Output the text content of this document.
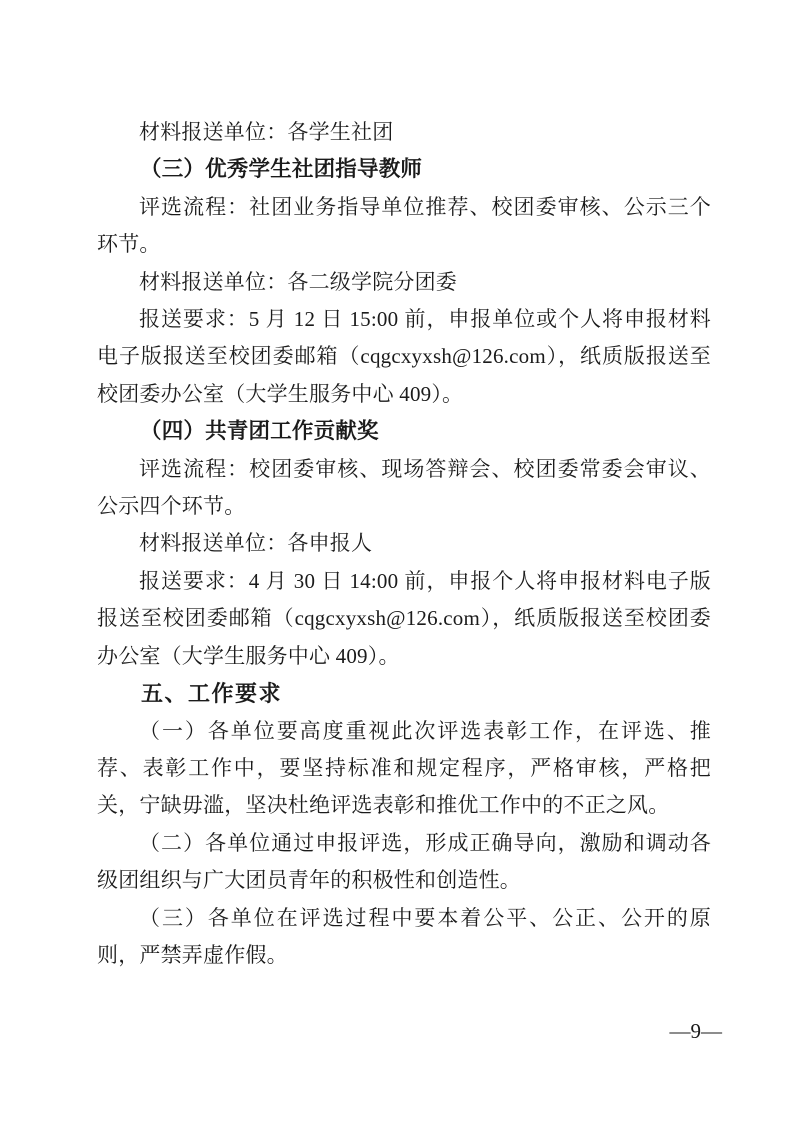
材料报送单位：各学生社团

（三）优秀学生社团指导教师

评选流程：社团业务指导单位推荐、校团委审核、公示三个环节。

材料报送单位：各二级学院分团委

报送要求：5 月 12 日 15:00 前，申报单位或个人将申报材料电子版报送至校团委邮箱（cqgcxyxsh@126.com），纸质版报送至校团委办公室（大学生服务中心 409）。

（四）共青团工作贡献奖

评选流程：校团委审核、现场答辩会、校团委常委会审议、公示四个环节。

材料报送单位：各申报人

报送要求：4 月 30 日 14:00 前，申报个人将申报材料电子版报送至校团委邮箱（cqgcxyxsh@126.com），纸质版报送至校团委办公室（大学生服务中心 409）。

五、工作要求

（一）各单位要高度重视此次评选表彰工作，在评选、推荐、表彰工作中，要坚持标准和规定程序，严格审核，严格把关，宁缺毋滥，坚决杜绝评选表彰和推优工作中的不正之风。

（二）各单位通过申报评选，形成正确导向，激励和调动各级团组织与广大团员青年的积极性和创造性。

（三）各单位在评选过程中要本着公平、公正、公开的原则，严禁弄虚作假。

—9—
